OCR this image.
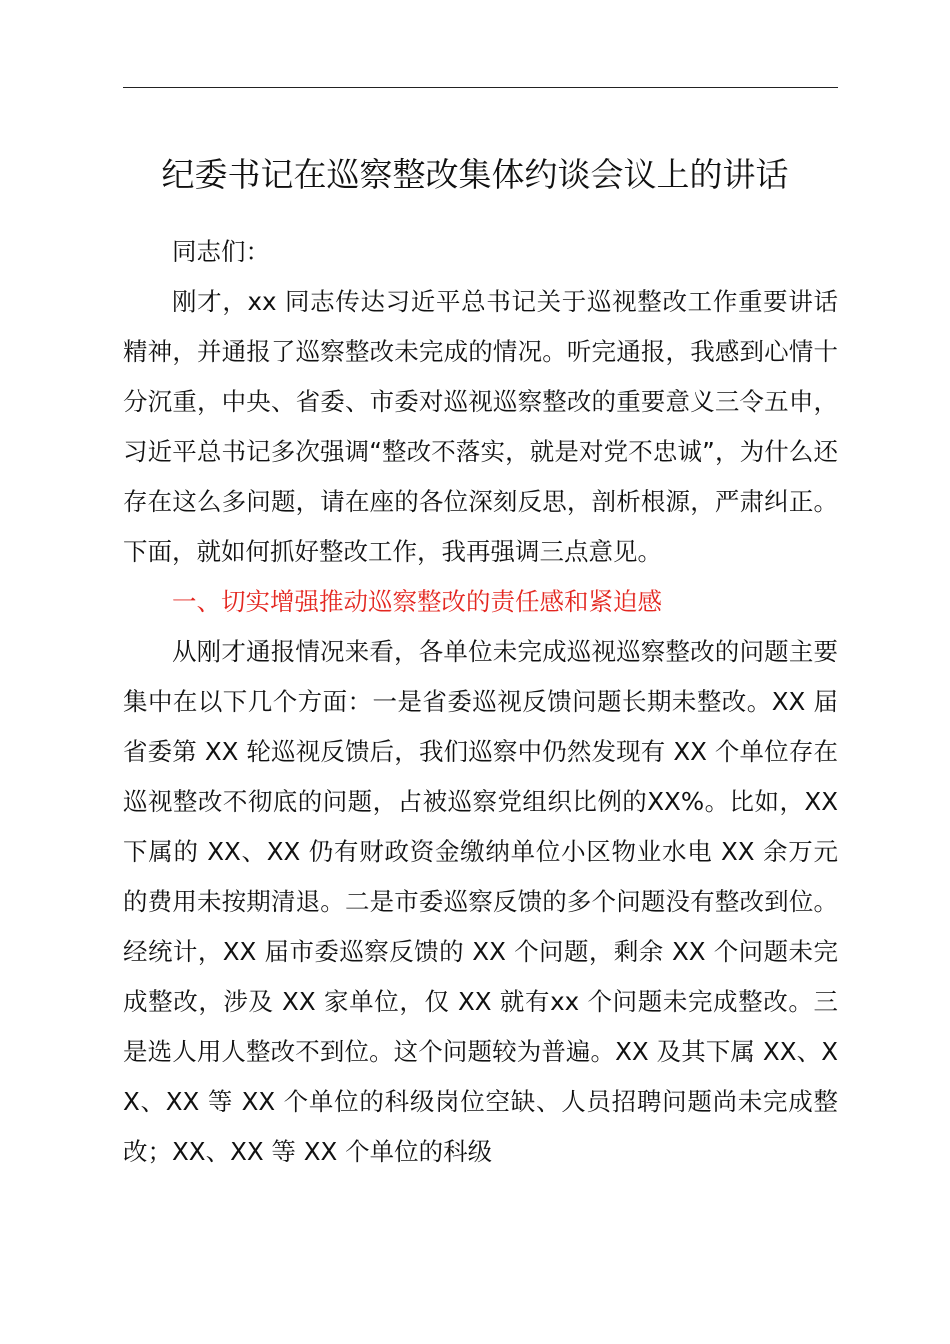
纪委书记在巡察整改集体约谈会议上的讲话

同志们：

刚才，xx 同志传达习近平总书记关于巡视整改工作重要讲话精神，并通报了巡察整改未完成的情况。听完通报，我感到心情十分沉重，中央、省委、市委对巡视巡察整改的重要意义三令五申，习近平总书记多次强调“整改不落实，就是对党不忠诚”，为什么还存在这么多问题，请在座的各位深刻反思，剖析根源，严肃纠正。下面，就如何抓好整改工作，我再强调三点意见。

一、切实增强推动巡察整改的责任感和紧迫感

从刚才通报情况来看，各单位未完成巡视巡察整改的问题主要集中在以下几个方面：一是省委巡视反馈问题长期未整改。XX 届省委第 XX 轮巡视反馈后，我们巡察中仍然发现有 XX 个单位存在巡视整改不彻底的问题，占被巡察党组织比例的XX%。比如，XX 下属的 XX、XX 仍有财政资金缴纳单位小区物业水电 XX 余万元的费用未按期清退。二是市委巡察反馈的多个问题没有整改到位。经统计，XX 届市委巡察反馈的 XX 个问题，剩余 XX 个问题未完成整改，涉及 XX 家单位，仅 XX 就有xx 个问题未完成整改。三是选人用人整改不到位。这个问题较为普遍。XX 及其下属 XX、XX、XX 等 XX 个单位的科级岗位空缺、人员招聘问题尚未完成整改；XX、XX 等 XX 个单位的科级
